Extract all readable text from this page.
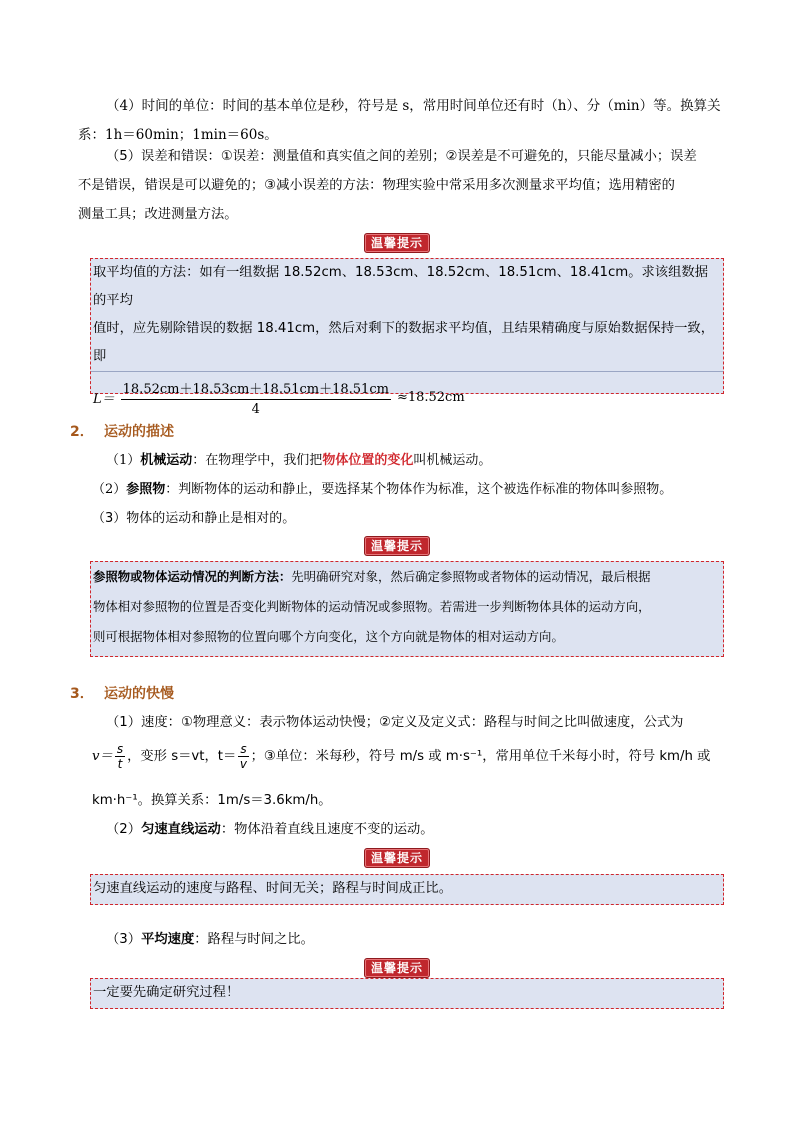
（4）时间的单位：时间的基本单位是秒，符号是 s，常用时间单位还有时（h）、分（min）等。换算关
系：1h＝60min；1min＝60s。

（5）误差和错误：①误差：测量值和真实值之间的差别；②误差是不可避免的，只能尽量减小；误差
不是错误，错误是可以避免的；③减小误差的方法：物理实验中常采用多次测量求平均值；选用精密的
测量工具；改进测量方法。

温馨提示
取平均值的方法：如有一组数据 18.52cm、18.53cm、18.52cm、18.51cm、18.41cm。求该组数据的平均
值时，应先剔除错误的数据 18.41cm，然后对剩下的数据求平均值，且结果精确度与原始数据保持一致，
即
$L= \frac{18.52cm+18.53cm+18.51cm+18.51cm}{4} \approx 18.52cm$
2． 运动的描述

（1）机械运动：在物理学中，我们把物体位置的变化叫机械运动。
（2）参照物：判断物体的运动和静止，要选择某个物体作为标准，这个被选作标准的物体叫参照物。
（3）物体的运动和静止是相对的。

温馨提示
参照物或物体运动情况的判断方法：先明确研究对象，然后确定参照物或者物体的运动情况，最后根据
物体相对参照物的位置是否变化判断物体的运动情况或参照物。若需进一步判断物体具体的运动方向，
则可根据物体相对参照物的位置向哪个方向变化，这个方向就是物体的相对运动方向。
3． 运动的快慢

（1）速度：①物理意义：表示物体运动快慢；②定义及定义式：路程与时间之比叫做速度，公式为

$v= \frac{s}{t}$ ，变形 s＝vt，$t= \frac{s}{v}$ ；③单位：米每秒，符号 m/s 或 m·s⁻¹，常用单位千米每小时，符号 km/h 或

km·h⁻¹。换算关系：1m/s＝3.6km/h。

（2）匀速直线运动：物体沿着直线且速度不变的运动。

温馨提示
匀速直线运动的速度与路程、时间无关；路程与时间成正比。

（3）平均速度：路程与时间之比。

温馨提示
一定要先确定研究过程！
